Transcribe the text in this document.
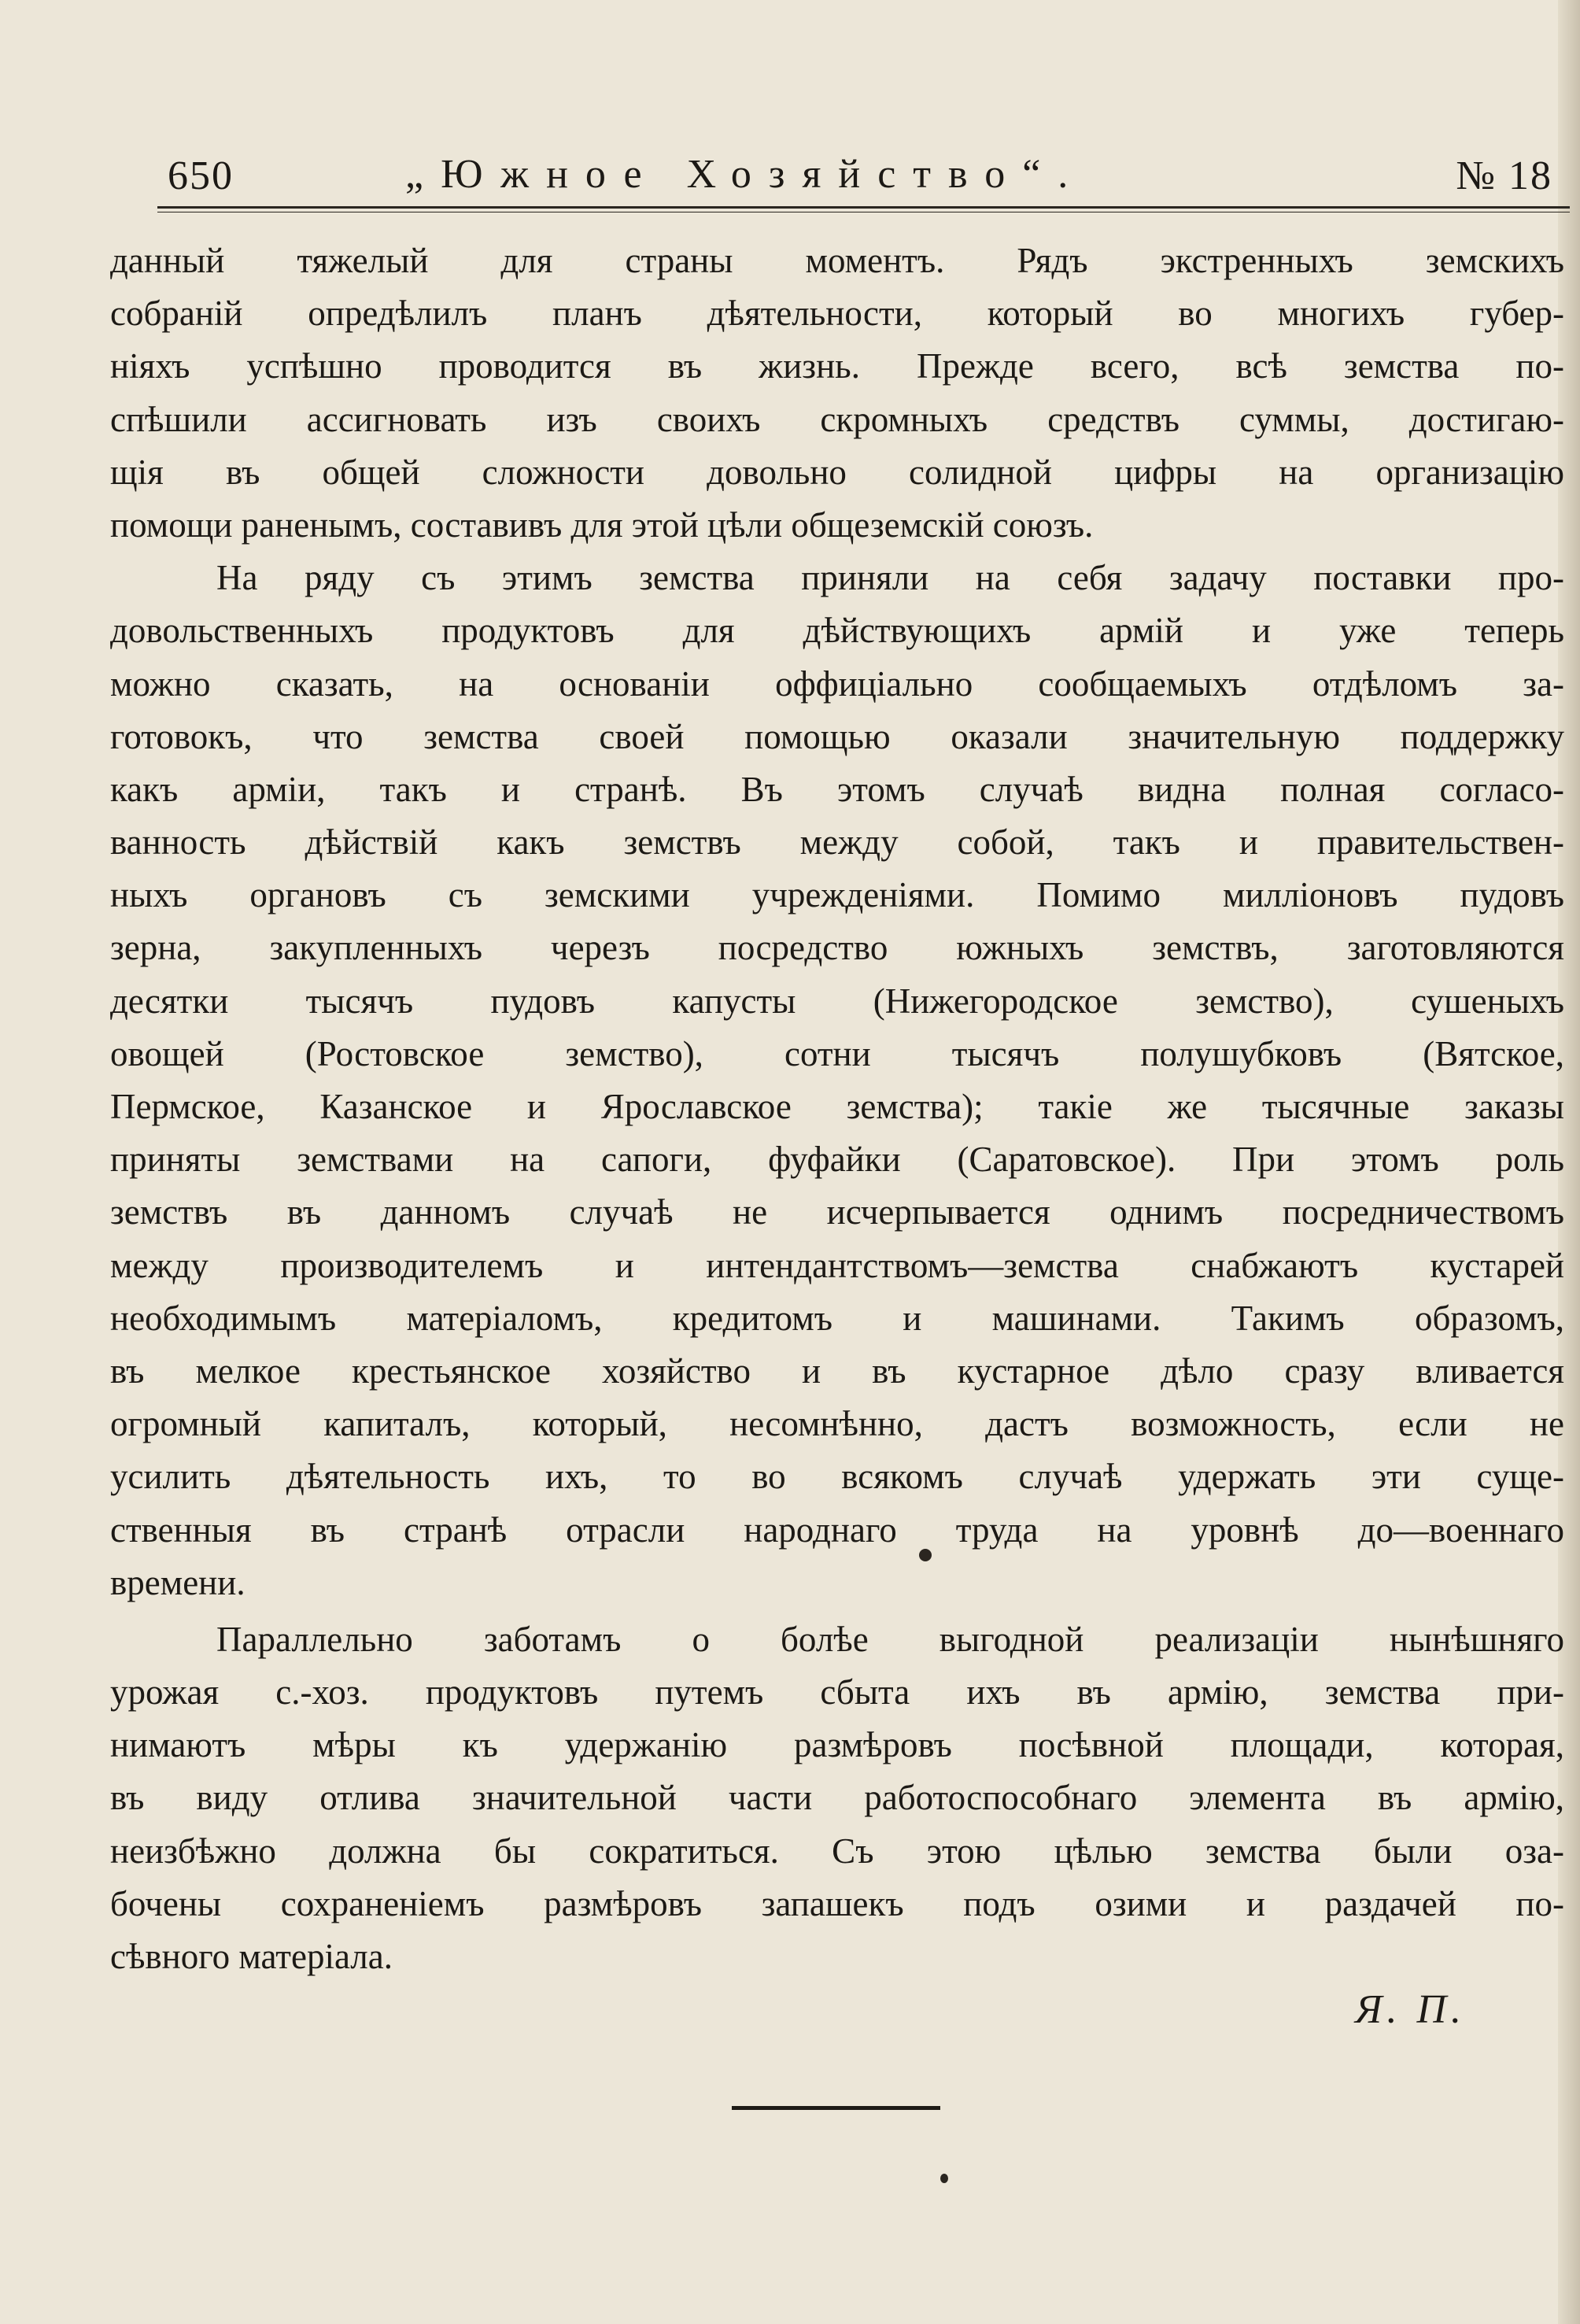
650	„Южное Хозяйство“.	№ 18
данный тяжелый для страны моментъ. Рядъ экстренныхъ земскихъ
собраній опредѣлилъ планъ дѣятельности, который во многихъ губер-
ніяхъ успѣшно проводится въ жизнь. Прежде всего, всѣ земства по-
спѣшили ассигновать изъ своихъ скромныхъ средствъ суммы, достигаю-
щія въ общей сложности довольно солидной цифры на организацію
помощи раненымъ, составивъ для этой цѣли общеземскій союзъ.
На ряду съ этимъ земства приняли на себя задачу поставки про-
довольственныхъ продуктовъ для дѣйствующихъ армій и уже теперь
можно сказать, на основаніи оффиціально сообщаемыхъ отдѣломъ за-
готовокъ, что земства своей помощью оказали значительную поддержку
какъ арміи, такъ и странѣ. Въ этомъ случаѣ видна полная согласо-
ванность дѣйствій какъ земствъ между собой, такъ и правительствен-
ныхъ органовъ съ земскими учрежденіями. Помимо милліоновъ пудовъ
зерна, закупленныхъ черезъ посредство южныхъ земствъ, заготовляются
десятки тысячъ пудовъ капусты (Нижегородское земство), сушеныхъ
овощей (Ростовское земство), сотни тысячъ полушубковъ (Вятское,
Пермское, Казанское и Ярославское земства); такіе же тысячные заказы
приняты земствами на сапоги, фуфайки (Саратовское). При этомъ роль
земствъ въ данномъ случаѣ не исчерпывается однимъ посредничествомъ
между производителемъ и интендантствомъ—земства снабжаютъ кустарей
необходимымъ матеріаломъ, кредитомъ и машинами. Такимъ образомъ,
въ мелкое крестьянское хозяйство и въ кустарное дѣло сразу вливается
огромный капиталъ, который, несомнѣнно, дастъ возможность, если не
усилить дѣятельность ихъ, то во всякомъ случаѣ удержать эти суще-
ственныя въ странѣ отрасли народнаго труда на уровнѣ до—военнаго
времени.
Параллельно заботамъ о болѣе выгодной реализаціи нынѣшняго
урожая с.-хоз. продуктовъ путемъ сбыта ихъ въ армію, земства при-
нимаютъ мѣры къ удержанію размѣровъ посѣвной площади, которая,
въ виду отлива значительной части работоспособнаго элемента въ армію,
неизбѣжно должна бы сократиться. Съ этою цѣлью земства были оза-
бочены сохраненіемъ размѣровъ запашекъ подъ озими и раздачей по-
сѣвного матеріала.
Я. П.
